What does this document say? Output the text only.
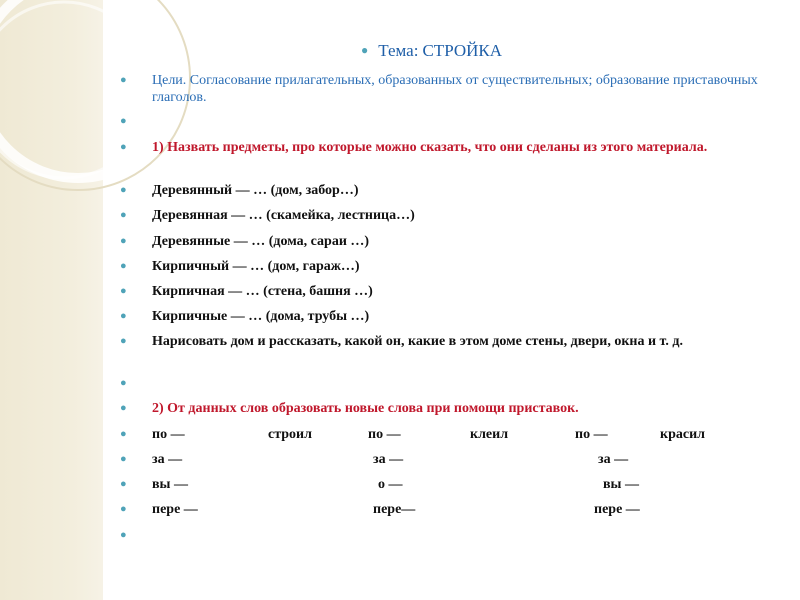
● Тема: СТРОЙКА
● Цели. Согласование прилагательных, образованных от существительных; образование приставочных глаголов.
●
● 1) Назвать предметы, про которые можно сказать, что они сделаны из этого материала.
● Деревянный — … (дом, забор…)
● Деревянная — … (скамейка, лестница…)
● Деревянные — … (дома, сараи …)
● Кирпичный — … (дом, гараж…)
● Кирпичная — … (стена, башня …)
● Кирпичные — … (дома, трубы …)
● Нарисовать дом и рассказать, какой он, какие в этом доме стены, двери, окна и т. д.
●
● 2) От данных слов образовать новые слова при помощи приставок.
● по —	строил	по —	клеил	по —	красил
● за —	за —	за —
● вы —	о —	вы —
● пере —	пере—	пере —
●
